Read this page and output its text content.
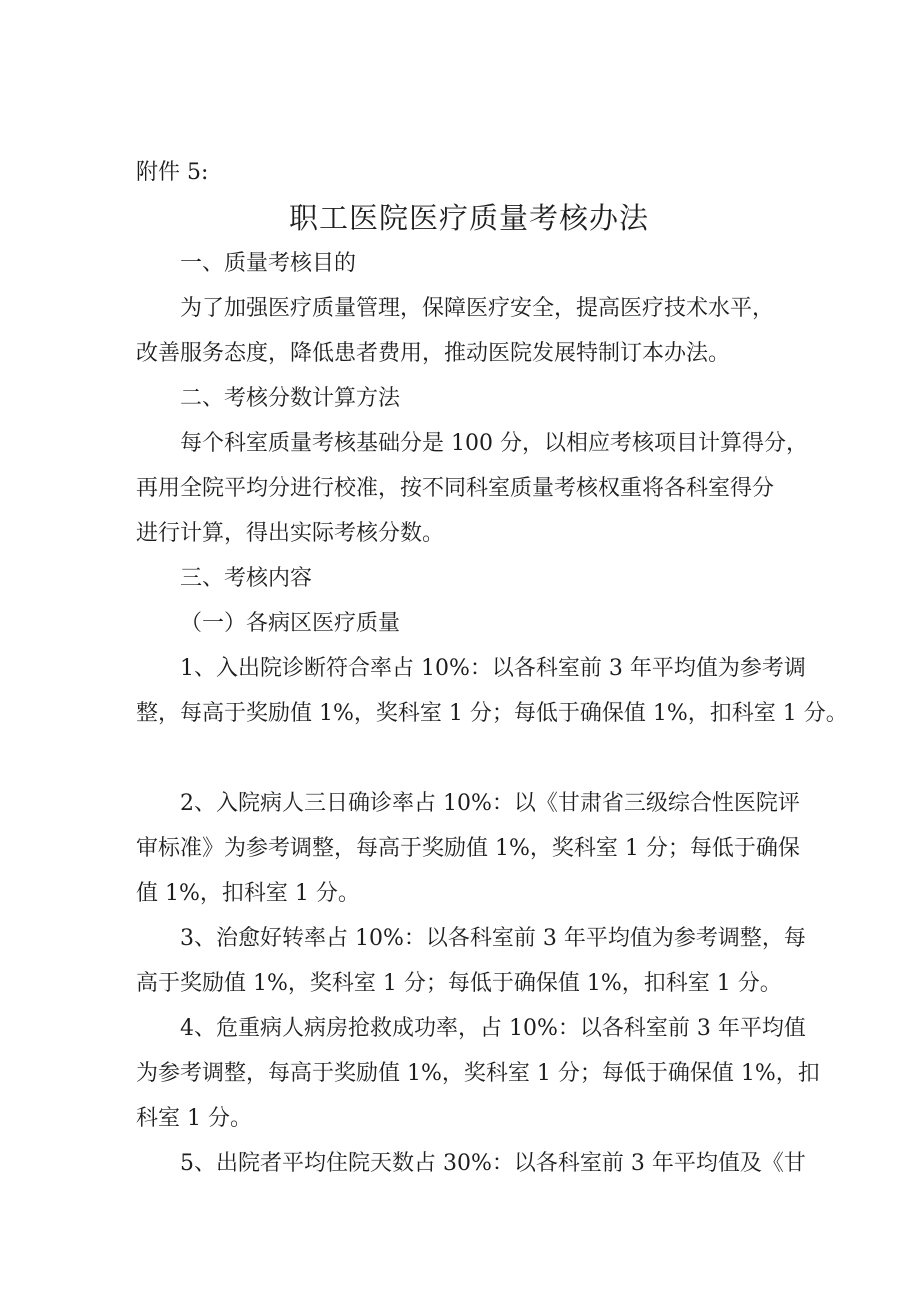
附件 5:
职工医院医疗质量考核办法
一、质量考核目的
为了加强医疗质量管理，保障医疗安全，提高医疗技术水平，
改善服务态度，降低患者费用，推动医院发展特制订本办法。
二、考核分数计算方法
每个科室质量考核基础分是 100 分，以相应考核项目计算得分，
再用全院平均分进行校准，按不同科室质量考核权重将各科室得分
进行计算，得出实际考核分数。
三、考核内容
（一）各病区医疗质量
1、入出院诊断符合率占 10%：以各科室前 3 年平均值为参考调
整，每高于奖励值 1%，奖科室 1 分；每低于确保值 1%，扣科室 1 分。
2、入院病人三日确诊率占 10%：以《甘肃省三级综合性医院评
审标准》为参考调整，每高于奖励值 1%，奖科室 1 分；每低于确保
值 1%，扣科室 1 分。
3、治愈好转率占 10%：以各科室前 3 年平均值为参考调整，每
高于奖励值 1%，奖科室 1 分；每低于确保值 1%，扣科室 1 分。
4、危重病人病房抢救成功率，占 10%：以各科室前 3 年平均值
为参考调整，每高于奖励值 1%，奖科室 1 分；每低于确保值 1%，扣
科室 1 分。
5、出院者平均住院天数占 30%：以各科室前 3 年平均值及《甘
